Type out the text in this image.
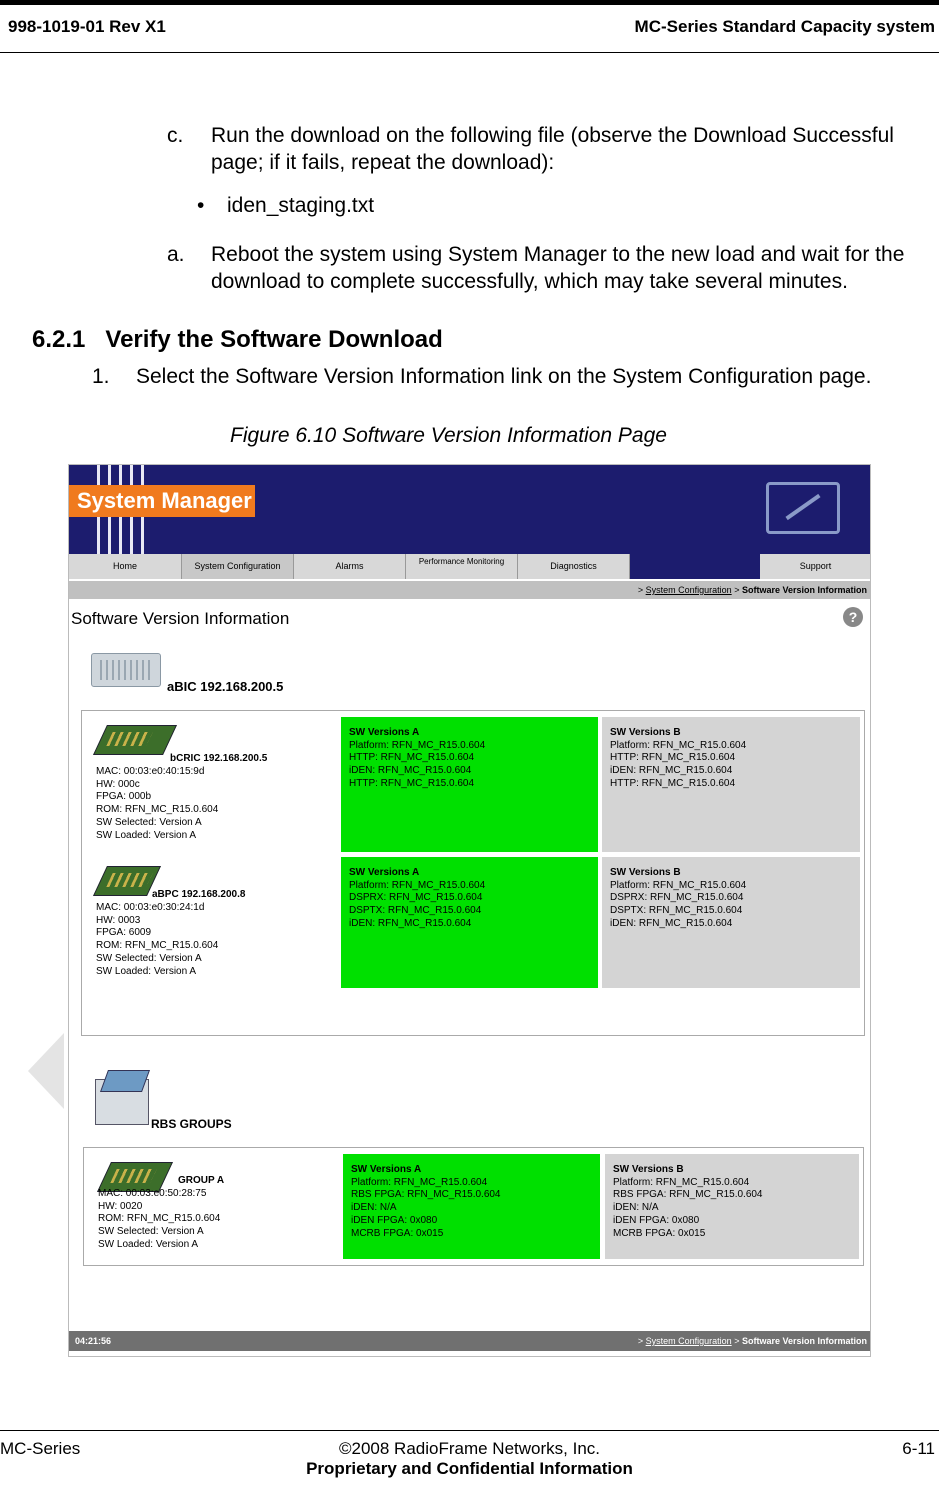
998-1019-01 Rev X1	MC-Series Standard Capacity system
c. Run the download on the following file (observe the Download Successful page; if it fails, repeat the download):
• iden_staging.txt
a. Reboot the system using System Manager to the new load and wait for the download to complete successfully, which may take several minutes.
6.2.1 Verify the Software Download
1. Select the Software Version Information link on the System Configuration page.
Figure 6.10 Software Version Information Page
System Manager
Home	System Configuration	Alarms	Performance Monitoring	Diagnostics	Support
> System Configuration > Software Version Information
Software Version Information	?
aBIC 192.168.200.5
bCRIC 192.168.200.5
MAC: 00:03:e0:40:15:9d
HW: 000c
FPGA: 000b
ROM: RFN_MC_R15.0.604
SW Selected: Version A
SW Loaded: Version A
SW Versions A
Platform: RFN_MC_R15.0.604
HTTP: RFN_MC_R15.0.604
iDEN: RFN_MC_R15.0.604
HTTP: RFN_MC_R15.0.604
SW Versions B
Platform: RFN_MC_R15.0.604
HTTP: RFN_MC_R15.0.604
iDEN: RFN_MC_R15.0.604
HTTP: RFN_MC_R15.0.604
aBPC 192.168.200.8
MAC: 00:03:e0:30:24:1d
HW: 0003
FPGA: 6009
ROM: RFN_MC_R15.0.604
SW Selected: Version A
SW Loaded: Version A
SW Versions A
Platform: RFN_MC_R15.0.604
DSPRX: RFN_MC_R15.0.604
DSPTX: RFN_MC_R15.0.604
iDEN: RFN_MC_R15.0.604
SW Versions B
Platform: RFN_MC_R15.0.604
DSPRX: RFN_MC_R15.0.604
DSPTX: RFN_MC_R15.0.604
iDEN: RFN_MC_R15.0.604
RBS GROUPS
GROUP A
MAC: 00:03:e0:50:28:75
HW: 0020
ROM: RFN_MC_R15.0.604
SW Selected: Version A
SW Loaded: Version A
SW Versions A
Platform: RFN_MC_R15.0.604
RBS FPGA: RFN_MC_R15.0.604
iDEN: N/A
iDEN FPGA: 0x080
MCRB FPGA: 0x015
SW Versions B
Platform: RFN_MC_R15.0.604
RBS FPGA: RFN_MC_R15.0.604
iDEN: N/A
iDEN FPGA: 0x080
MCRB FPGA: 0x015
04:21:56	> System Configuration > Software Version Information
MC-Series	©2008 RadioFrame Networks, Inc.
Proprietary and Confidential Information
6-11
